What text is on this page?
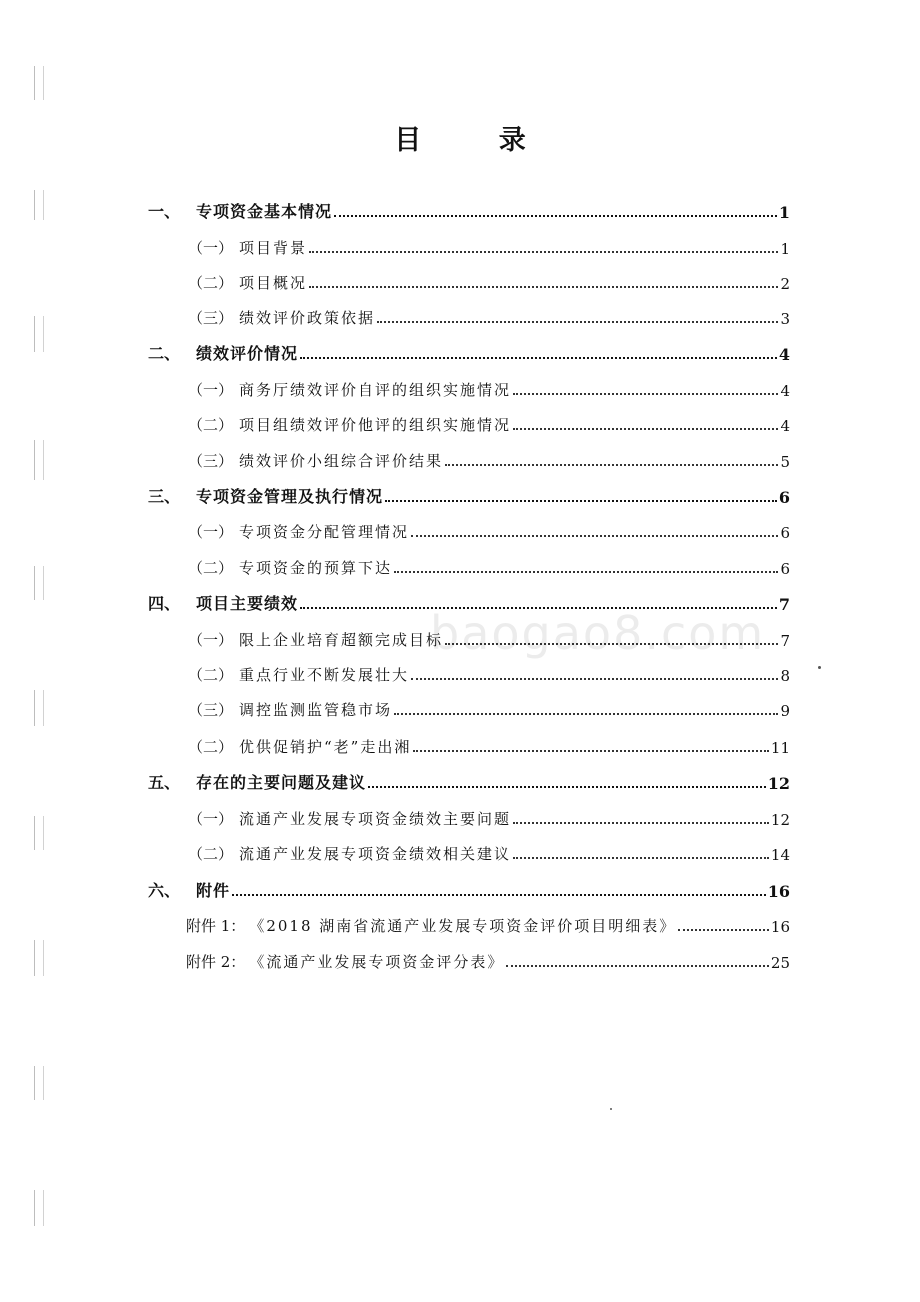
baogao8.com
目 录
一、 专项资金基本情况	1
（一） 项目背景	1
（二） 项目概况	2
（三） 绩效评价政策依据	3
二、 绩效评价情况	4
（一） 商务厅绩效评价自评的组织实施情况	4
（二） 项目组绩效评价他评的组织实施情况	4
（三） 绩效评价小组综合评价结果	5
三、 专项资金管理及执行情况	6
（一） 专项资金分配管理情况	6
（二） 专项资金的预算下达	6
四、 项目主要绩效	7
（一） 限上企业培育超额完成目标	7
（二） 重点行业不断发展壮大	8
（三） 调控监测监管稳市场	9
（二） 优供促销护“老”走出湘	11
五、 存在的主要问题及建议	12
（一） 流通产业发展专项资金绩效主要问题	12
（二） 流通产业发展专项资金绩效相关建议	14
六、 附件	16
附件 1： 《2018 湖南省流通产业发展专项资金评价项目明细表》	16
附件 2： 《流通产业发展专项资金评分表》	25
